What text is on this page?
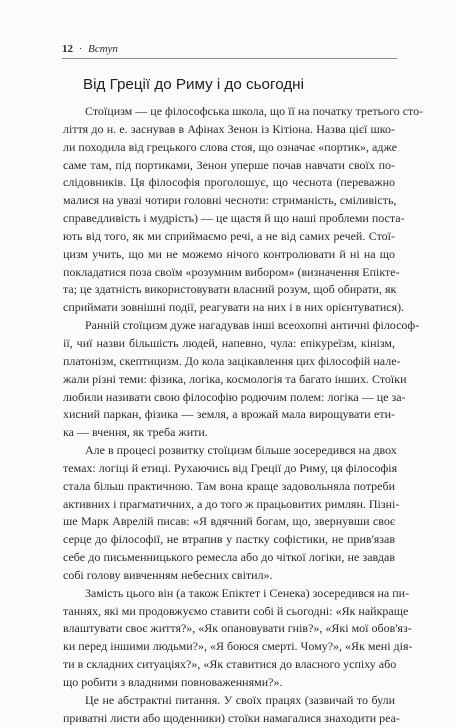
12 · Вступ
Від Греції до Риму і до сьогодні
Стоїцизм — це філософська школа, що її на початку третього сто-
ліття до н. е. заснував в Афінах Зенон із Кітіона. Назва цієї шко-
ли походила від грецького слова стоя, що означає «портик», адже
саме там, під портиками, Зенон уперше почав навчати своїх по-
слідовників. Ця філософія проголошує, що чеснота (переважно
малися на увазі чотири головні чесноти: стриманість, сміливість,
справедливість і мудрість) — це щастя й що наші проблеми поста-
ють від того, як ми сприймаємо речі, а не від самих речей. Стої-
цизм учить, що ми не можемо нічого контролювати й ні на що
покладатися поза своїм «розумним вибором» (визначення Епікте-
та; це здатність використовувати власний розум, щоб обирати, як
сприймати зовнішні події, реагувати на них і в них орієнтуватися).
Ранній стоїцизм дуже нагадував інші всеохопні античні філософ-
ії, чиї назви більшість людей, напевно, чула: епікуреїзм, кінізм,
платонізм, скептицизм. До кола зацікавлення цих філософій нале-
жали різні теми: фізика, логіка, космологія та багато інших. Стоїки
любили називати свою філософію родючим полем: логіка — це за-
хисний паркан, фізика — земля, а врожай мала вирощувати ети-
ка — вчення, як треба жити.
Але в процесі розвитку стоїцизм більше зосередився на двох
темах: логіці й етиці. Рухаючись від Греції до Риму, ця філософія
стала більш практичною. Там вона краще задовольняла потреби
активних і прагматичних, а до того ж працьовитих римлян. Пізні-
ше Марк Аврелій писав: «Я вдячний богам, що, звернувши своє
серце до філософії, не втрапив у пастку софістики, не прив'язав
себе до письменницького ремесла або до чіткої логіки, не завдав
собі голову вивченням небесних світил».
Замість цього він (а також Епіктет і Сенека) зосередився на пи-
таннях, які ми продовжуємо ставити собі й сьогодні: «Як найкраще
влаштувати своє життя?», «Як опановувати гнів?», «Які мої обов'яз-
ки перед іншими людьми?», «Я боюся смерті. Чому?», «Як мені дія-
ти в складних ситуаціях?», «Як ставитися до власного успіху або
що робити з владними повноваженнями?».
Це не абстрактні питання. У своїх працях (зазвичай то були
приватні листи або щоденники) стоїки намагалися знаходити реа-
